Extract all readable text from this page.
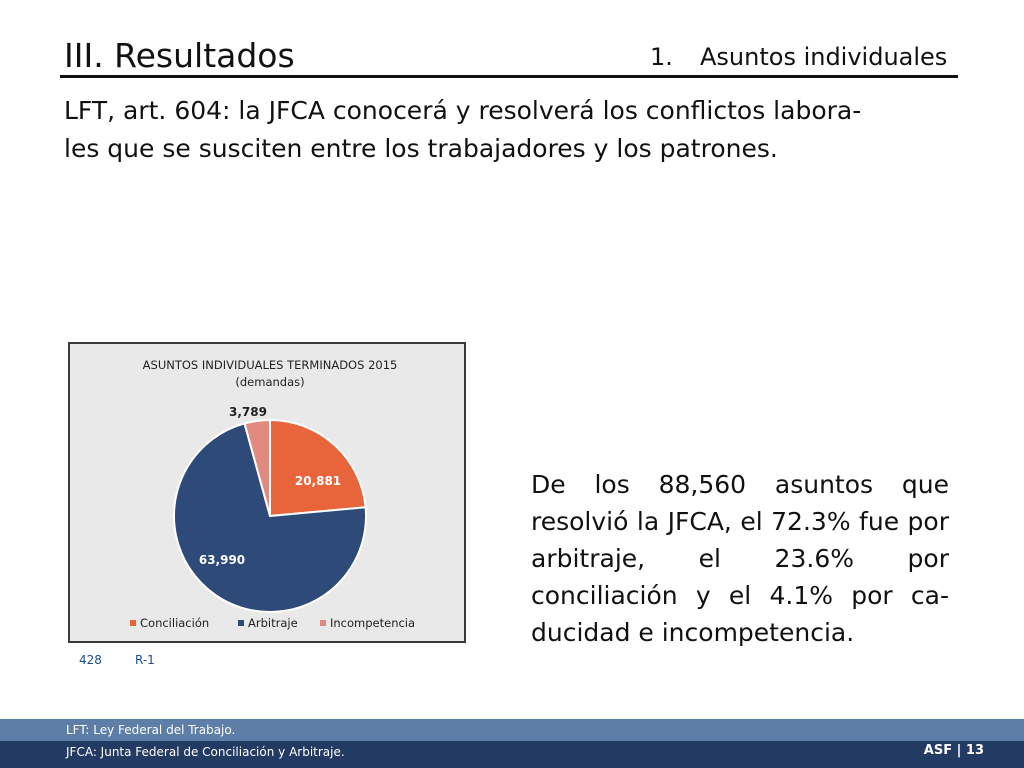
III. Resultados	1. Asuntos individuales
LFT, art. 604: la JFCA conocerá y resolverá los conflictos labora-
les que se susciten entre los trabajadores y los patrones.
ASUNTOS INDIVIDUALES TERMINADOS 2015
(demandas)
20,881
63,990
3,789
Conciliación	Arbitraje	Incompetencia
428	R-1
De los 88,560 asuntos que resolvió la JFCA, el 72.3% fue por arbitraje, el 23.6% por conciliación y el 4.1% por ca-ducidad e incompetencia.
LFT: Ley Federal del Trabajo.
JFCA: Junta Federal de Conciliación y Arbitraje.	ASF | 13
